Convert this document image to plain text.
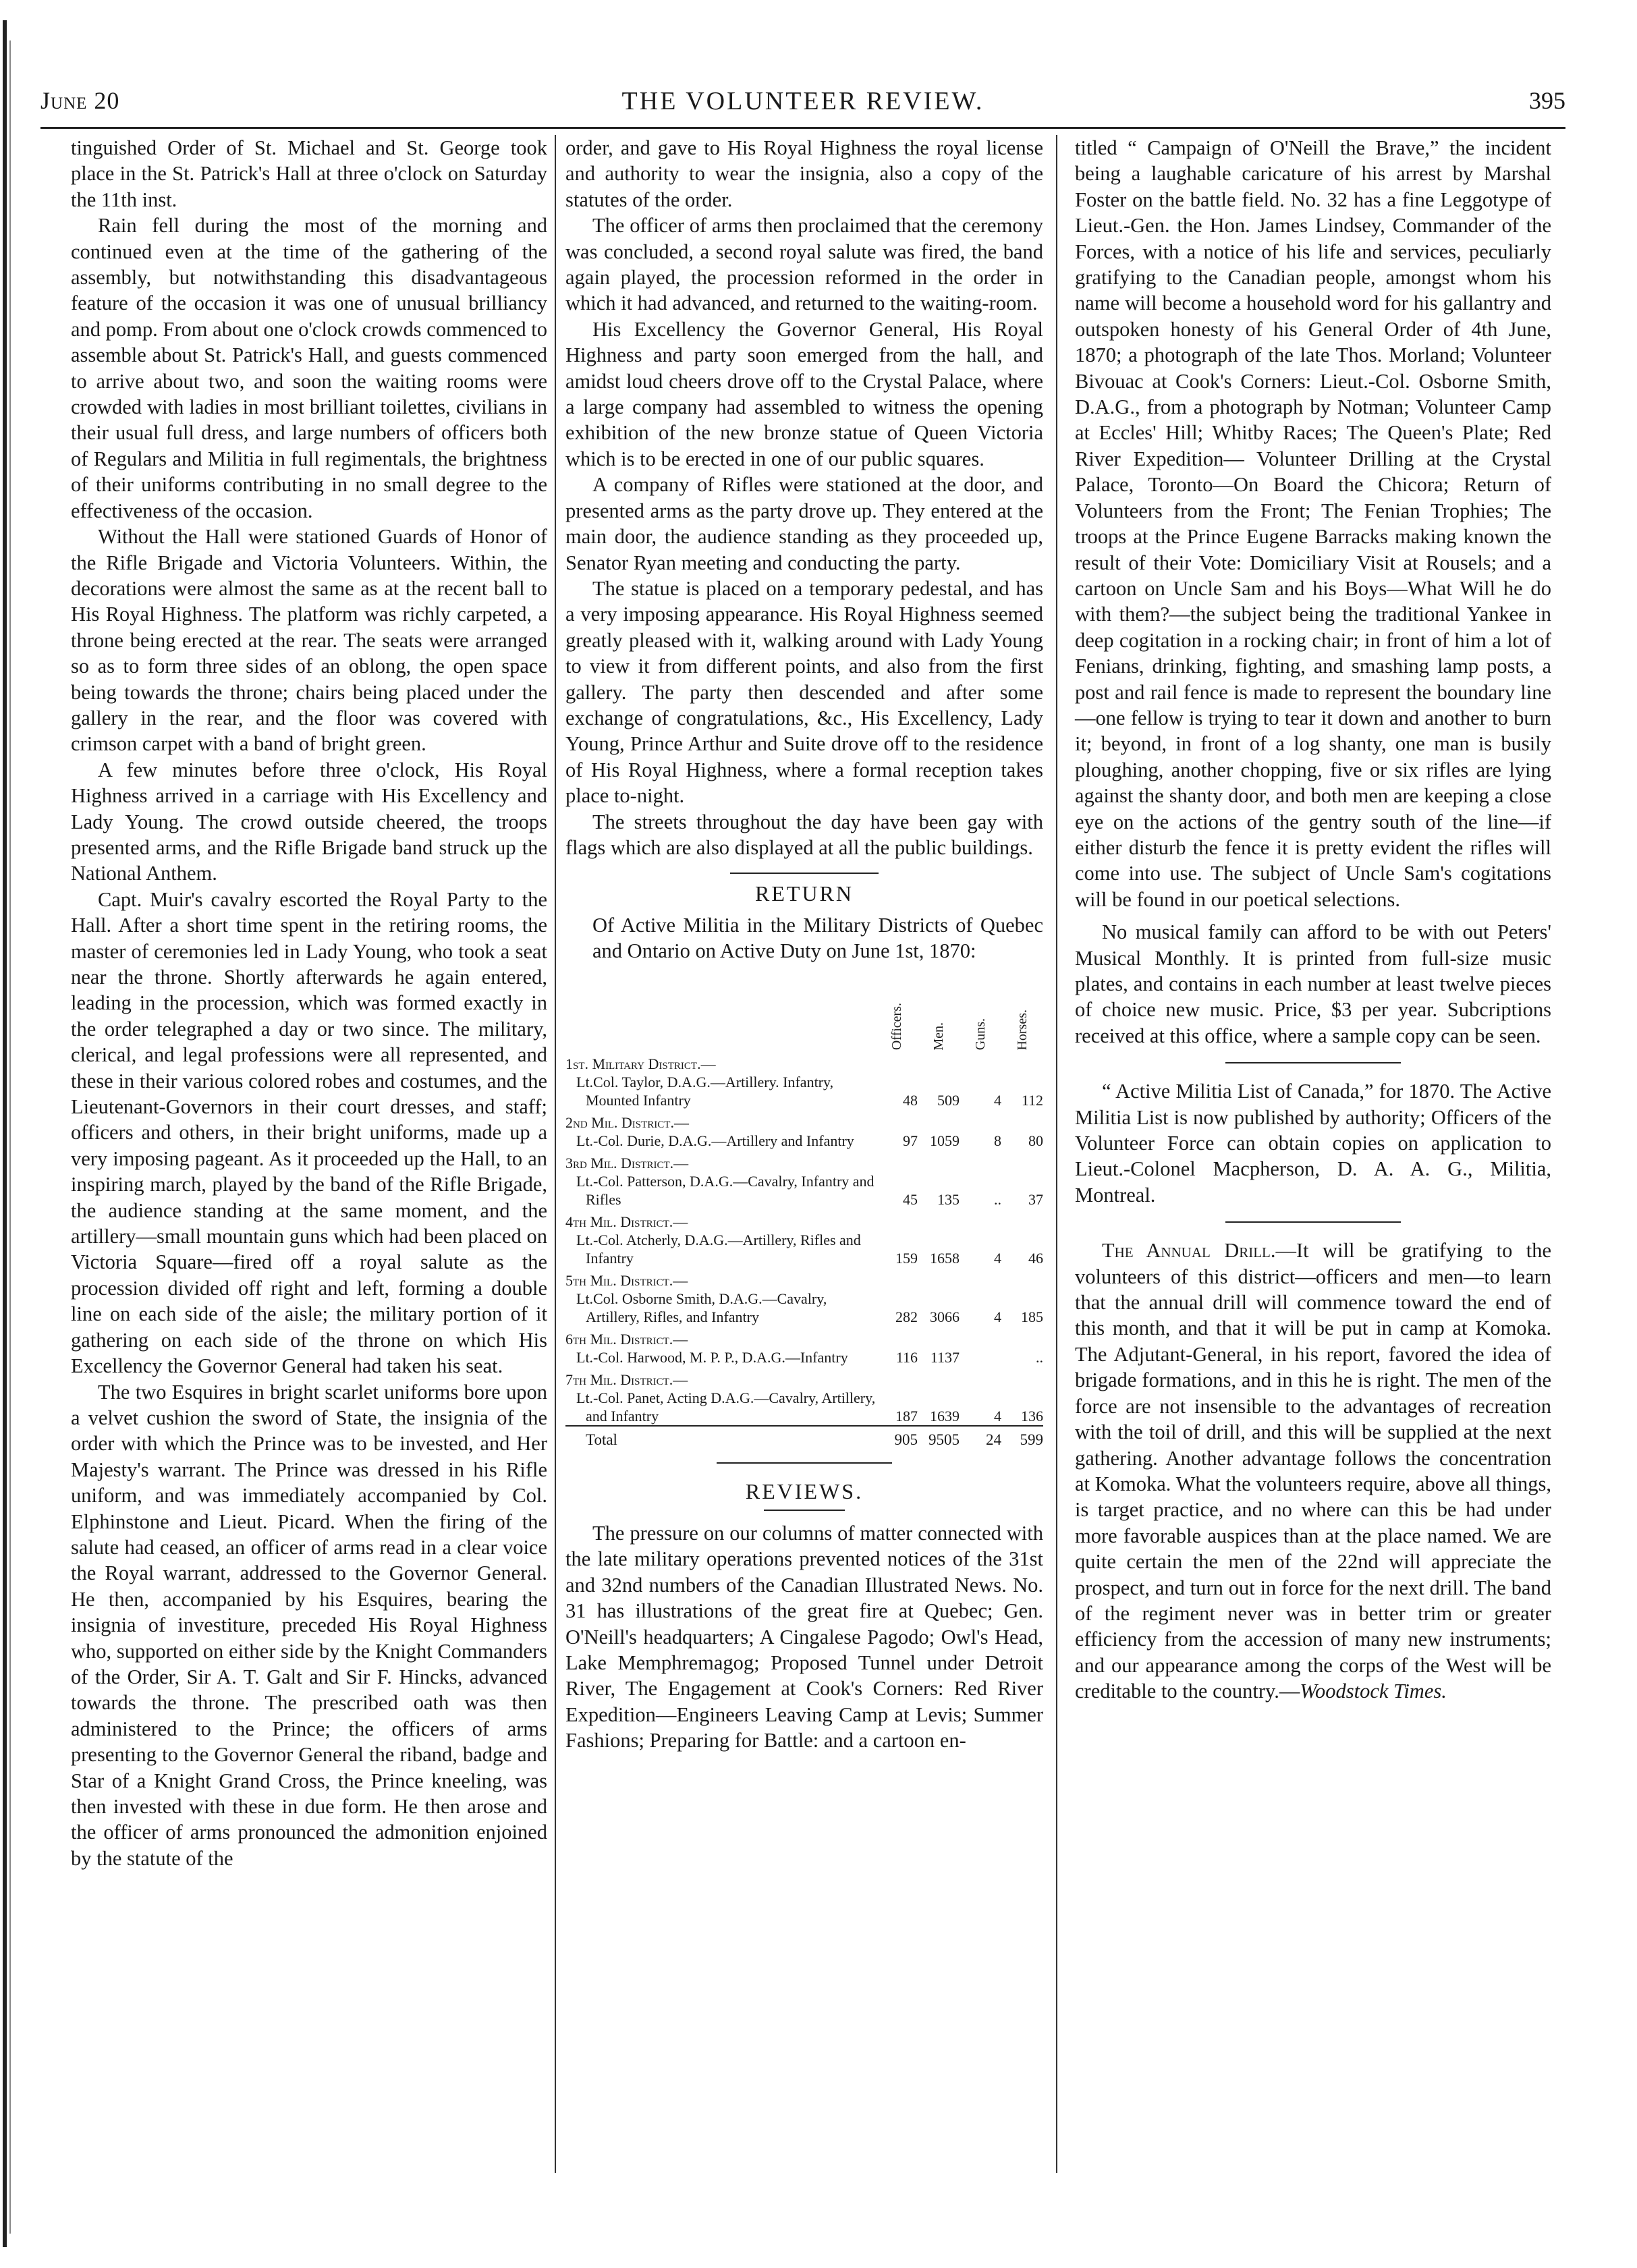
June 20	THE VOLUNTEER REVIEW.	395

tinguished Order of St. Michael and St. George took place in the St. Patrick's Hall at three o'clock on Saturday the 11th inst.

Rain fell during the most of the morning and continued even at the time of the gathering of the assembly, but notwithstanding this disadvantageous feature of the occasion it was one of unusual brilliancy and pomp. From about one o'clock crowds commenced to assemble about St. Patrick's Hall, and guests commenced to arrive about two, and soon the waiting rooms were crowded with ladies in most brilliant toilettes, civilians in their usual full dress, and large numbers of officers both of Regulars and Militia in full regimentals, the brightness of their uniforms contributing in no small degree to the effectiveness of the occasion.

Without the Hall were stationed Guards of Honor of the Rifle Brigade and Victoria Volunteers. Within, the decorations were almost the same as at the recent ball to His Royal Highness. The platform was richly carpeted, a throne being erected at the rear. The seats were arranged so as to form three sides of an oblong, the open space being towards the throne; chairs being placed under the gallery in the rear, and the floor was covered with crimson carpet with a band of bright green.

A few minutes before three o'clock, His Royal Highness arrived in a carriage with His Excellency and Lady Young. The crowd outside cheered, the troops presented arms, and the Rifle Brigade band struck up the National Anthem.

Capt. Muir's cavalry escorted the Royal Party to the Hall. After a short time spent in the retiring rooms, the master of ceremonies led in Lady Young, who took a seat near the throne. Shortly afterwards he again entered, leading in the procession, which was formed exactly in the order telegraphed a day or two since. The military, clerical, and legal professions were all represented, and these in their various colored robes and costumes, and the Lieutenant-Governors in their court dresses, and staff; officers and others, in their bright uniforms, made up a very imposing pageant. As it proceeded up the Hall, to an inspiring march, played by the band of the Rifle Brigade, the audience standing at the same moment, and the artillery—small mountain guns which had been placed on Victoria Square—fired off a royal salute as the procession divided off right and left, forming a double line on each side of the aisle; the military portion of it gathering on each side of the throne on which His Excellency the Governor General had taken his seat.

The two Esquires in bright scarlet uniforms bore upon a velvet cushion the sword of State, the insignia of the order with which the Prince was to be invested, and Her Majesty's warrant. The Prince was dressed in his Rifle uniform, and was immediately accompanied by Col. Elphinstone and Lieut. Picard. When the firing of the salute had ceased, an officer of arms read in a clear voice the Royal warrant, addressed to the Governor General. He then, accompanied by his Esquires, bearing the insignia of investiture, preceded His Royal Highness who, supported on either side by the Knight Commanders of the Order, Sir A. T. Galt and Sir F. Hincks, advanced towards the throne. The prescribed oath was then administered to the Prince; the officers of arms presenting to the Governor General the riband, badge and Star of a Knight Grand Cross, the Prince kneeling, was then invested with these in due form. He then arose and the officer of arms pronounced the admonition enjoined by the statute of the

order, and gave to His Royal Highness the royal license and authority to wear the insignia, also a copy of the statutes of the order.

The officer of arms then proclaimed that the ceremony was concluded, a second royal salute was fired, the band again played, the procession reformed in the order in which it had advanced, and returned to the waiting-room.

His Excellency the Governor General, His Royal Highness and party soon emerged from the hall, and amidst loud cheers drove off to the Crystal Palace, where a large company had assembled to witness the opening exhibition of the new bronze statue of Queen Victoria which is to be erected in one of our public squares.

A company of Rifles were stationed at the door, and presented arms as the party drove up. They entered at the main door, the audience standing as they proceeded up, Senator Ryan meeting and conducting the party.

The statue is placed on a temporary pedestal, and has a very imposing appearance. His Royal Highness seemed greatly pleased with it, walking around with Lady Young to view it from different points, and also from the first gallery. The party then descended and after some exchange of congratulations, &c., His Excellency, Lady Young, Prince Arthur and Suite drove off to the residence of His Royal Highness, where a formal reception takes place to-night.

The streets throughout the day have been gay with flags which are also displayed at all the public buildings.

RETURN

Of Active Militia in the Military Districts of Quebec and Ontario on Active Duty on June 1st, 1870:

	Officers.	Men.	Guns.	Horses.

1st. Military District.—				
Lt.Col. Taylor, D.A.G.—Artillery. Infantry, Mounted Infantry	48	509	4	112
2nd Mil. District.—				
Lt.-Col. Durie, D.A.G.—Artillery and Infantry	97	1059	8	80
3rd Mil. District.—				
Lt.-Col. Patterson, D.A.G.—Cavalry, Infantry and Rifles	45	135	..	37
4th Mil. District.—				
Lt.-Col. Atcherly, D.A.G.—Artillery, Rifles and Infantry	159	1658	4	46
5th Mil. District.—				
Lt.Col. Osborne Smith, D.A.G.—Cavalry, Artillery, Rifles, and Infantry	282	3066	4	185
6th Mil. District.—				
Lt.-Col. Harwood, M. P. P., D.A.G.—Infantry	116	1137		..
7th Mil. District.—				
Lt.-Col. Panet, Acting D.A.G.—Cavalry, Artillery, and Infantry	187	1639	4	136
Total	905	9505	24	599
REVIEWS.

The pressure on our columns of matter connected with the late military operations prevented notices of the 31st and 32nd numbers of the Canadian Illustrated News. No. 31 has illustrations of the great fire at Quebec; Gen. O'Neill's headquarters; A Cingalese Pagodo; Owl's Head, Lake Memphremagog; Proposed Tunnel under Detroit River, The Engagement at Cook's Corners: Red River Expedition—Engineers Leaving Camp at Levis; Summer Fashions; Preparing for Battle: and a cartoon en-

titled “ Campaign of O'Neill the Brave,” the incident being a laughable caricature of his arrest by Marshal Foster on the battle field. No. 32 has a fine Leggotype of Lieut.-Gen. the Hon. James Lindsey, Commander of the Forces, with a notice of his life and services, peculiarly gratifying to the Canadian people, amongst whom his name will become a household word for his gallantry and outspoken honesty of his General Order of 4th June, 1870; a photograph of the late Thos. Morland; Volunteer Bivouac at Cook's Corners: Lieut.-Col. Osborne Smith, D.A.G., from a photograph by Notman; Volunteer Camp at Eccles' Hill; Whitby Races; The Queen's Plate; Red River Expedition— Volunteer Drilling at the Crystal Palace, Toronto—On Board the Chicora; Return of Volunteers from the Front; The Fenian Trophies; The troops at the Prince Eugene Barracks making known the result of their Vote: Domiciliary Visit at Rousels; and a cartoon on Uncle Sam and his Boys—What Will he do with them?—the subject being the traditional Yankee in deep cogitation in a rocking chair; in front of him a lot of Fenians, drinking, fighting, and smashing lamp posts, a post and rail fence is made to represent the boundary line—one fellow is trying to tear it down and another to burn it; beyond, in front of a log shanty, one man is busily ploughing, another chopping, five or six rifles are lying against the shanty door, and both men are keeping a close eye on the actions of the gentry south of the line—if either disturb the fence it is pretty evident the rifles will come into use. The subject of Uncle Sam's cogitations will be found in our poetical selections.

No musical family can afford to be with out Peters' Musical Monthly. It is printed from full-size music plates, and contains in each number at least twelve pieces of choice new music. Price, $3 per year. Subcriptions received at this office, where a sample copy can be seen.

“ Active Militia List of Canada,” for 1870. The Active Militia List is now published by authority; Officers of the Volunteer Force can obtain copies on application to Lieut.-Colonel Macpherson, D. A. A. G., Militia, Montreal.

The Annual Drill.—It will be gratifying to the volunteers of this district—officers and men—to learn that the annual drill will commence toward the end of this month, and that it will be put in camp at Komoka. The Adjutant-General, in his report, favored the idea of brigade formations, and in this he is right. The men of the force are not insensible to the advantages of recreation with the toil of drill, and this will be supplied at the next gathering. Another advantage follows the concentration at Komoka. What the volunteers require, above all things, is target practice, and no where can this be had under more favorable auspices than at the place named. We are quite certain the men of the 22nd will appreciate the prospect, and turn out in force for the next drill. The band of the regiment never was in better trim or greater efficiency from the accession of many new instruments; and our appearance among the corps of the West will be creditable to the country.—Woodstock Times.
